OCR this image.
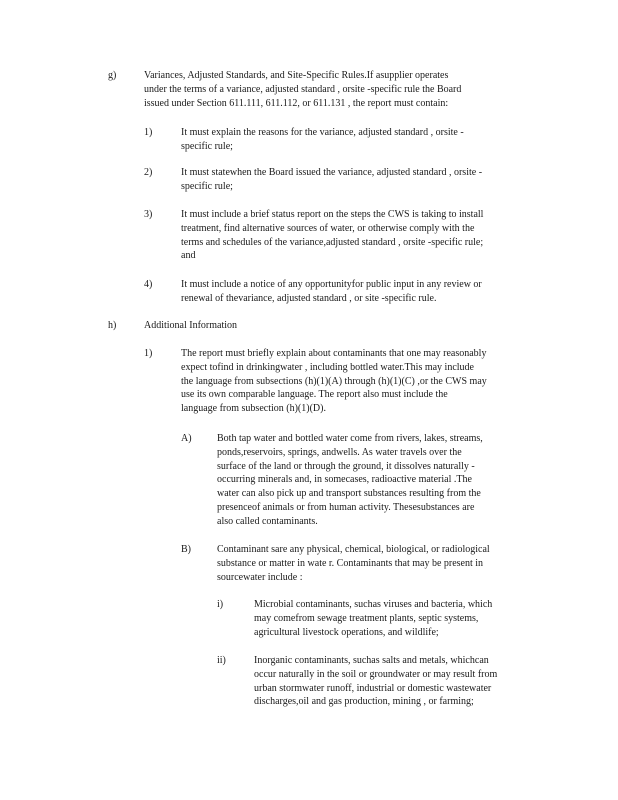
g)	Variances, Adjusted Standards, and Site-Specific Rules.If asupplier operates
under the terms of a variance, adjusted standard , orsite -specific rule the Board
issued under Section 611.111, 611.112, or 611.131 , the report must contain:
1)	It must explain the reasons for the variance, adjusted standard , orsite -
specific rule;
2)	It must statewhen the Board issued the variance, adjusted standard , orsite -
specific rule;
3)	It must include a brief status report on the steps the CWS is taking to install
treatment, find alternative sources of water, or otherwise comply with the
terms and schedules of the variance,adjusted standard , orsite -specific rule;
and
4)	It must include a notice of any opportunityfor public input in any review or
renewal of thevariance, adjusted standard , or site -specific rule.
h)	Additional Information
1)	The report must briefly explain about contaminants that one may reasonably
expect tofind in drinkingwater , including bottled water.This may include
the language from subsections (h)(1)(A) through (h)(1)(C) ,or the CWS may
use its own comparable language. The report also must include the
language from subsection (h)(1)(D).
A)	Both tap water and bottled water come from rivers, lakes, streams,
ponds,reservoirs, springs, andwells. As water travels over the
surface of the land or through the ground, it dissolves naturally -
occurring minerals and, in somecases, radioactive material .The
water can also pick up and transport substances resulting from the
presenceof animals or from human activity. Thesesubstances are
also called contaminants.
B)	Contaminant sare any physical, chemical, biological, or radiological
substance or matter in wate r. Contaminants that may be present in
sourcewater include :
i)	Microbial contaminants, suchas viruses and bacteria, which
may comefrom sewage treatment plants, septic systems,
agricultural livestock operations, and wildlife;
ii)	Inorganic contaminants, suchas salts and metals, whichcan
occur naturally in the soil or groundwater or may result from
urban stormwater runoff, industrial or domestic wastewater
discharges,oil and gas production, mining , or farming;
